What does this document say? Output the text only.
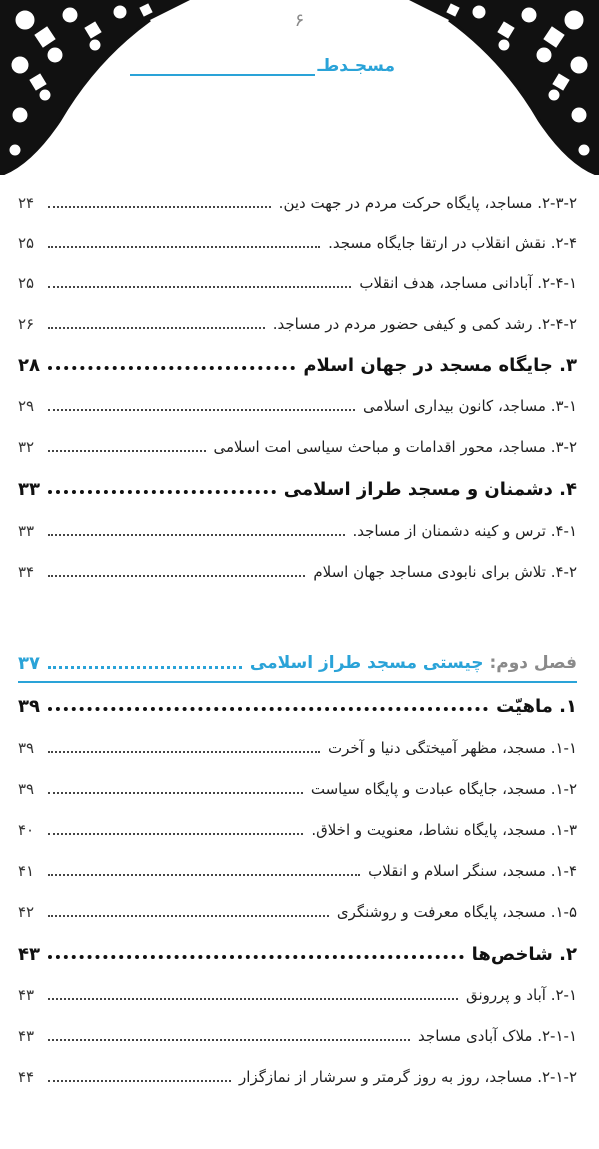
۶
مسجـدطـ
۲-۳-۲. مساجد، پایگاه حرکت مردم در جهت دین.
۲۴
۲-۴. نقش انقلاب در ارتقا جایگاه مسجد.
۲۵
۲-۴-۱. آبادانی مساجد، هدف انقلاب
۲۵
۲-۴-۲. رشد کمی و کیفی حضور مردم در مساجد.
۲۶
۳. جایگاه مسجد در جهان اسلام
۲۸
۳-۱. مساجد، کانون بیداری اسلامی
۲۹
۳-۲. مساجد، محور اقدامات و مباحث سیاسی امت اسلامی
۳۲
۴. دشمنان و مسجد طراز اسلامی
۳۳
۴-۱. ترس و کینه دشمنان از مساجد.
۳۳
۴-۲. تلاش برای نابودی مساجد جهان اسلام
۳۴
فصل دوم: چیستی مسجد طراز اسلامی
۳۷
۱. ماهیّت
۳۹
۱-۱. مسجد، مظهر آمیختگی دنیا و آخرت
۳۹
۱-۲. مسجد، جایگاه عبادت و پایگاه سیاست
۳۹
۱-۳. مسجد، پایگاه نشاط، معنویت و اخلاق.
۴۰
۱-۴. مسجد، سنگر اسلام و انقلاب
۴۱
۱-۵. مسجد، پایگاه معرفت و روشنگری
۴۲
۲. شاخص‌ها
۴۳
۲-۱. آباد و پررونق
۴۳
۲-۱-۱. ملاک آبادی مساجد
۴۳
۲-۱-۲. مساجد، روز به روز گرمتر و سرشار از نمازگزار
۴۴
